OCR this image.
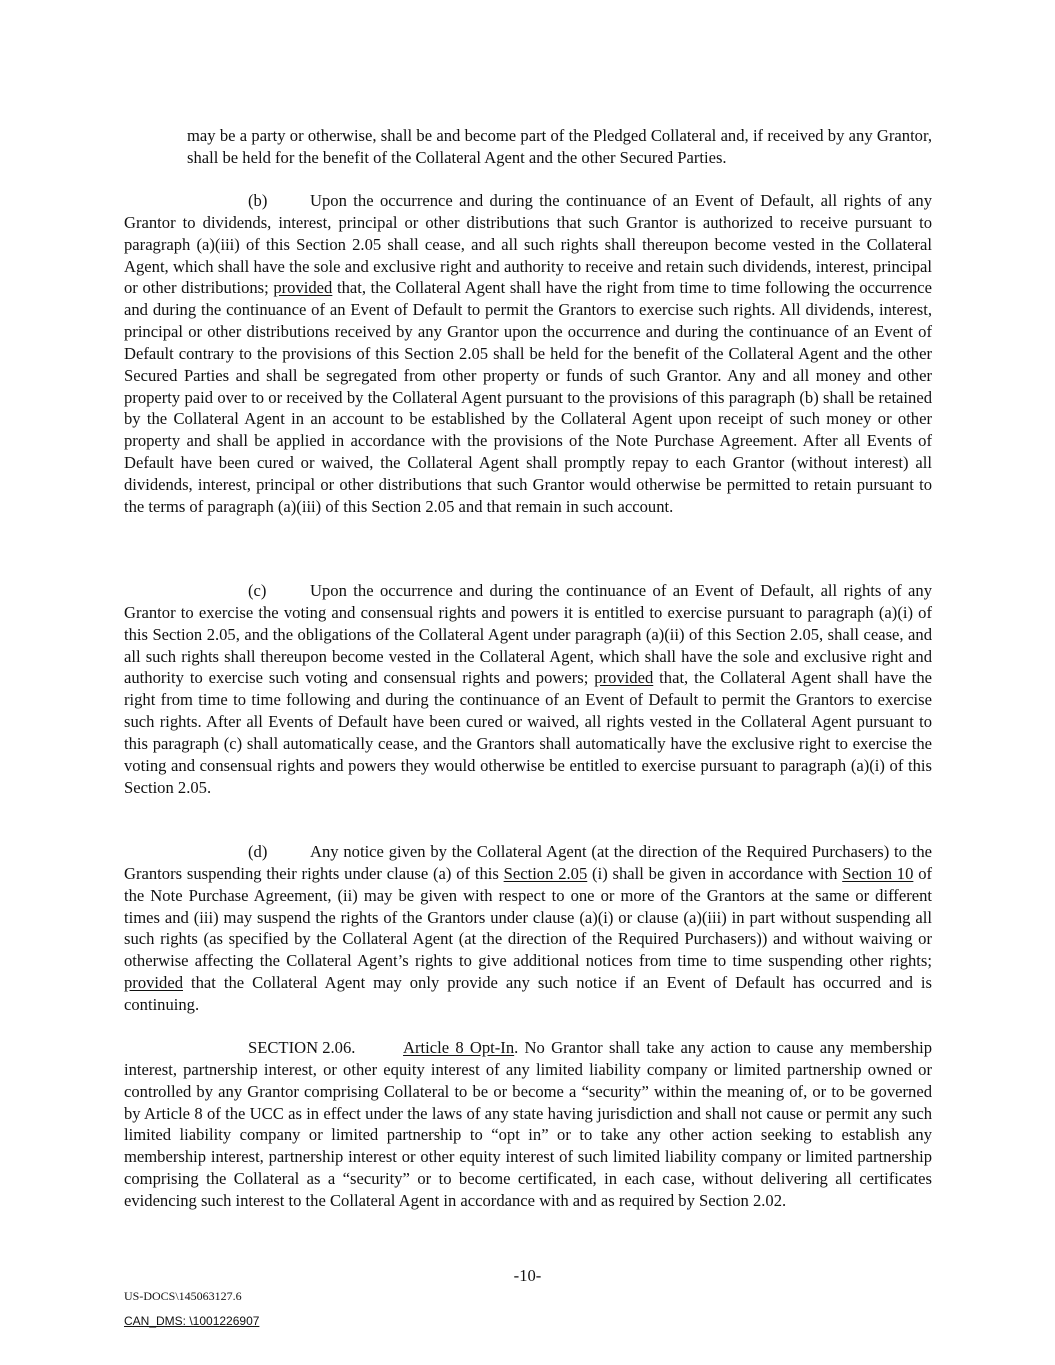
may be a party or otherwise, shall be and become part of the Pledged Collateral and, if received by any Grantor, shall be held for the benefit of the Collateral Agent and the other Secured Parties.

(b)	Upon the occurrence and during the continuance of an Event of Default, all rights of any Grantor to dividends, interest, principal or other distributions that such Grantor is authorized to receive pursuant to paragraph (a)(iii) of this Section 2.05 shall cease, and all such rights shall thereupon become vested in the Collateral Agent, which shall have the sole and exclusive right and authority to receive and retain such dividends, interest, principal or other distributions; provided that, the Collateral Agent shall have the right from time to time following the occurrence and during the continuance of an Event of Default to permit the Grantors to exercise such rights. All dividends, interest, principal or other distributions received by any Grantor upon the occurrence and during the continuance of an Event of Default contrary to the provisions of this Section 2.05 shall be held for the benefit of the Collateral Agent and the other Secured Parties and shall be segregated from other property or funds of such Grantor. Any and all money and other property paid over to or received by the Collateral Agent pursuant to the provisions of this paragraph (b) shall be retained by the Collateral Agent in an account to be established by the Collateral Agent upon receipt of such money or other property and shall be applied in accordance with the provisions of the Note Purchase Agreement. After all Events of Default have been cured or waived, the Collateral Agent shall promptly repay to each Grantor (without interest) all dividends, interest, principal or other distributions that such Grantor would otherwise be permitted to retain pursuant to the terms of paragraph (a)(iii) of this Section 2.05 and that remain in such account.

(c)	Upon the occurrence and during the continuance of an Event of Default, all rights of any Grantor to exercise the voting and consensual rights and powers it is entitled to exercise pursuant to paragraph (a)(i) of this Section 2.05, and the obligations of the Collateral Agent under paragraph (a)(ii) of this Section 2.05, shall cease, and all such rights shall thereupon become vested in the Collateral Agent, which shall have the sole and exclusive right and authority to exercise such voting and consensual rights and powers; provided that, the Collateral Agent shall have the right from time to time following and during the continuance of an Event of Default to permit the Grantors to exercise such rights. After all Events of Default have been cured or waived, all rights vested in the Collateral Agent pursuant to this paragraph (c) shall automatically cease, and the Grantors shall automatically have the exclusive right to exercise the voting and consensual rights and powers they would otherwise be entitled to exercise pursuant to paragraph (a)(i) of this Section 2.05.

(d)	Any notice given by the Collateral Agent (at the direction of the Required Purchasers) to the Grantors suspending their rights under clause (a) of this Section 2.05 (i) shall be given in accordance with Section 10 of the Note Purchase Agreement, (ii) may be given with respect to one or more of the Grantors at the same or different times and (iii) may suspend the rights of the Grantors under clause (a)(i) or clause (a)(iii) in part without suspending all such rights (as specified by the Collateral Agent (at the direction of the Required Purchasers)) and without waiving or otherwise affecting the Collateral Agent’s rights to give additional notices from time to time suspending other rights; provided that the Collateral Agent may only provide any such notice if an Event of Default has occurred and is continuing.

SECTION 2.06.	Article 8 Opt-In. No Grantor shall take any action to cause any membership interest, partnership interest, or other equity interest of any limited liability company or limited partnership owned or controlled by any Grantor comprising Collateral to be or become a “security” within the meaning of, or to be governed by Article 8 of the UCC as in effect under the laws of any state having jurisdiction and shall not cause or permit any such limited liability company or limited partnership to “opt in” or to take any other action seeking to establish any membership interest, partnership interest or other equity interest of such limited liability company or limited partnership comprising the Collateral as a “security” or to become certificated, in each case, without delivering all certificates evidencing such interest to the Collateral Agent in accordance with and as required by Section 2.02.

-10-
US-DOCS\145063127.6
CAN_DMS: \1001226907
